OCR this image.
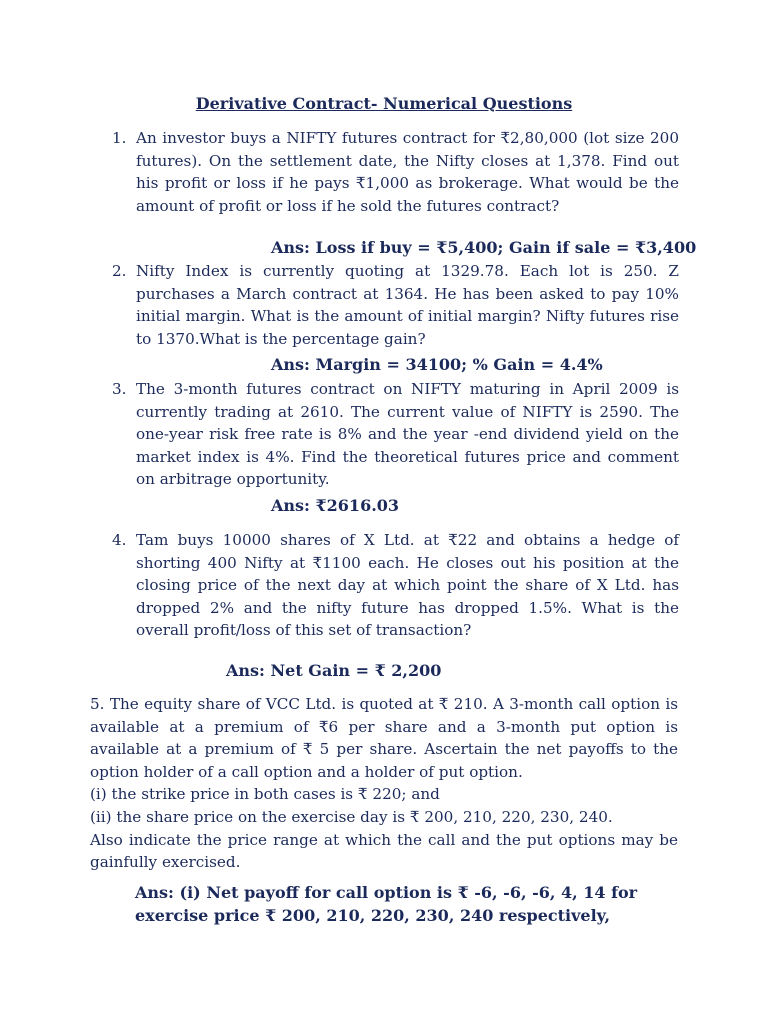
Derivative Contract- Numerical Questions
1. An investor buys a NIFTY futures contract for ₹2,80,000 (lot size 200 futures). On the settlement date, the Nifty closes at 1,378. Find out his profit or loss if he pays ₹1,000 as brokerage. What would be the amount of profit or loss if he sold the futures contract?
Ans: Loss if buy = ₹5,400; Gain if sale = ₹3,400
2. Nifty Index is currently quoting at 1329.78. Each lot is 250. Z purchases a March contract at 1364. He has been asked to pay 10% initial margin. What is the amount of initial margin? Nifty futures rise to 1370.What is the percentage gain?
Ans: Margin = 34100; % Gain = 4.4%
3. The 3-month futures contract on NIFTY maturing in April 2009 is currently trading at 2610. The current value of NIFTY is 2590. The one-year risk free rate is 8% and the year -end dividend yield on the market index is 4%. Find the theoretical futures price and comment on arbitrage opportunity.
Ans: ₹2616.03
4. Tam buys 10000 shares of X Ltd. at ₹22 and obtains a hedge of shorting 400 Nifty at ₹1100 each. He closes out his position at the closing price of the next day at which point the share of X Ltd. has dropped 2% and the nifty future has dropped 1.5%. What is the overall profit/loss of this set of transaction?
Ans: Net Gain = ₹ 2,200
5. The equity share of VCC Ltd. is quoted at ₹ 210. A 3-month call option is available at a premium of ₹6 per share and a 3-month put option is available at a premium of ₹ 5 per share. Ascertain the net payoffs to the option holder of a call option and a holder of put option.
(i) the strike price in both cases is ₹ 220; and
(ii) the share price on the exercise day is ₹ 200, 210, 220, 230, 240.
Also indicate the price range at which the call and the put options may be gainfully exercised.
Ans: (i) Net payoff for call option is ₹ -6, -6, -6, 4, 14 for exercise price ₹ 200, 210, 220, 230, 240 respectively,
